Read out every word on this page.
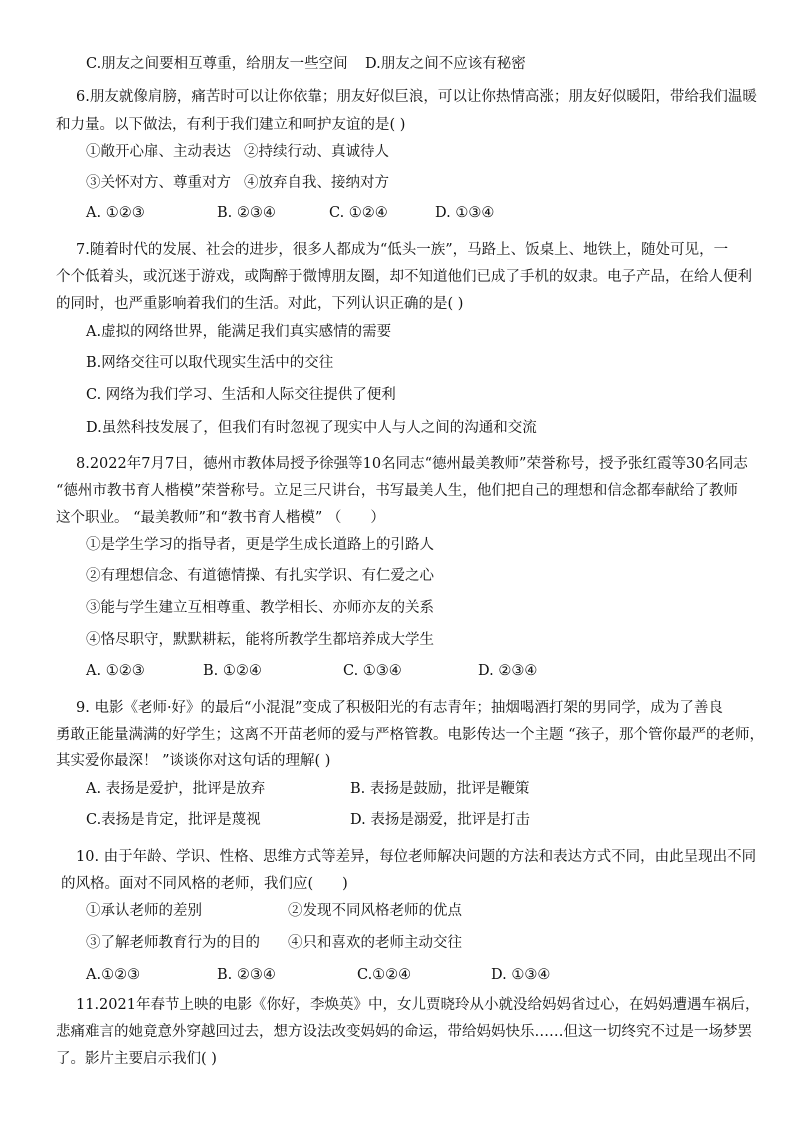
C.朋友之间要相互尊重，给朋友一些空间 D.朋友之间不应该有秘密
6.朋友就像肩膀，痛苦时可以让你依靠；朋友好似巨浪，可以让你热情高涨；朋友好似暖阳，带给我们温暖
和力量。以下做法，有利于我们建立和呵护友谊的是( )
①敞开心扉、主动表达 ②持续行动、真诚待人
③关怀对方、尊重对方 ④放弃自我、接纳对方
A. ①②③	B. ②③④	C. ①②④	D. ①③④
7.随着时代的发展、社会的进步，很多人都成为“低头一族”，马路上、饭桌上、地铁上，随处可见，一
个个低着头，或沉迷于游戏，或陶醉于微博朋友圈，却不知道他们已成了手机的奴隶。电子产品，在给人便利
的同时，也严重影响着我们的生活。对此，下列认识正确的是( )
A.虚拟的网络世界，能满足我们真实感情的需要
B.网络交往可以取代现实生活中的交往
C. 网络为我们学习、生活和人际交往提供了便利
D.虽然科技发展了，但我们有时忽视了现实中人与人之间的沟通和交流
8.2022年7月7日，德州市教体局授予徐强等10名同志“德州最美教师”荣誉称号，授予张红霞等30名同志
“德州市教书育人楷模”荣誉称号。立足三尺讲台，书写最美人生，他们把自己的理想和信念都奉献给了教师
这个职业。 “最美教师”和“教书育人楷模” （　　）
①是学生学习的指导者，更是学生成长道路上的引路人
②有理想信念、有道德情操、有扎实学识、有仁爱之心
③能与学生建立互相尊重、教学相长、亦师亦友的关系
④恪尽职守，默默耕耘，能将所教学生都培养成大学生
A. ①②③	B. ①②④	C. ①③④	D. ②③④
9. 电影《老师·好》的最后“小混混”变成了积极阳光的有志青年；抽烟喝酒打架的男同学，成为了善良
勇敢正能量满满的好学生；这离不开苗老师的爱与严格管教。电影传达一个主题 “孩子，那个管你最严的老师，
其实爱你最深！ ”谈谈你对这句话的理解( )
A. 表扬是爱护，批评是放弃	B. 表扬是鼓励，批评是鞭策
C.表扬是肯定，批评是蔑视	D. 表扬是溺爱，批评是打击
10. 由于年龄、学识、性格、思维方式等差异，每位老师解决问题的方法和表达方式不同，由此呈现出不同
的风格。面对不同风格的老师，我们应(　　)
①承认老师的差别	②发现不同风格老师的优点
③了解老师教育行为的目的 ④只和喜欢的老师主动交往
A.①②③	B. ②③④	C.①②④	D. ①③④
11.2021年春节上映的电影《你好，李焕英》中，女儿贾晓玲从小就没给妈妈省过心，在妈妈遭遇车祸后，
悲痛难言的她竟意外穿越回过去，想方设法改变妈妈的命运，带给妈妈快乐……但这一切终究不过是一场梦罢
了。影片主要启示我们( )
